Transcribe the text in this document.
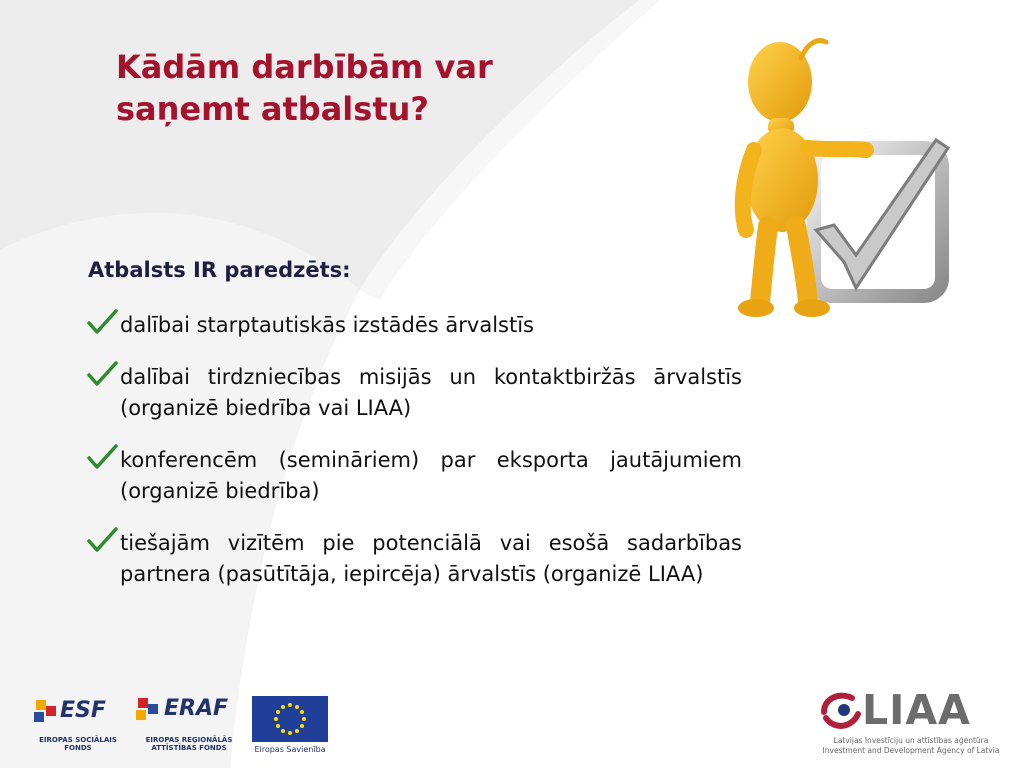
Kādām darbībām var saņemt atbalstu?
Atbalsts IR paredzēts:
dalībai starptautiskās izstādēs ārvalstīs
dalībai tirdzniecības misijās un kontaktbiržās ārvalstīs (organizē biedrība vai LIAA)
konferencēm (semināriem) par eksporta jautājumiem (organizē biedrība)
tiešajām vizītēm pie potenciālā vai esošā sadarbības partnera (pasūtītāja, iepircēja) ārvalstīs (organizē LIAA)
ESF
EIROPAS SOCIĀLAIS
FONDS
ERAF
EIROPAS REĢIONĀLĀS
ATTĪSTĪBAS FONDS	Eiropas Savienība
LIAA
Latvijas Investīciju un attīstības aģentūra
Investment and Development Agency of Latvia
